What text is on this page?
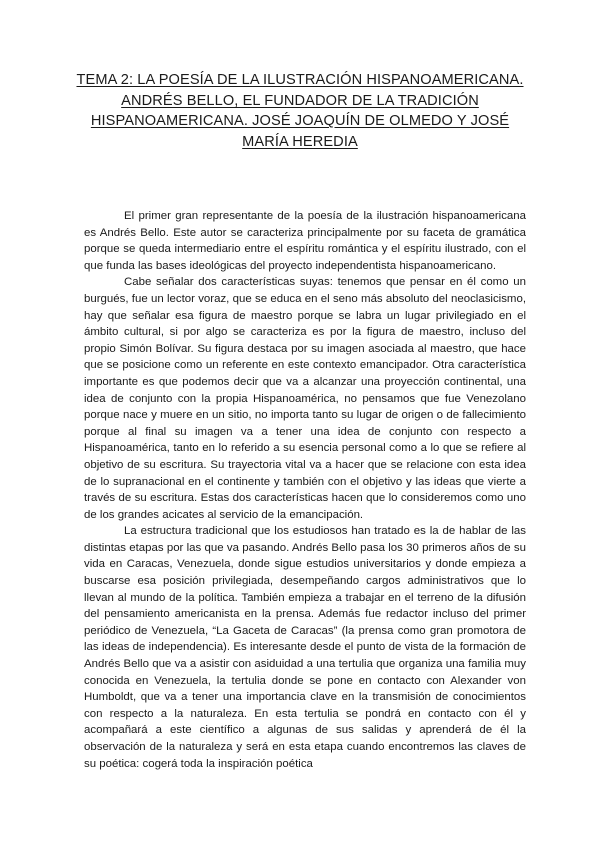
TEMA 2: LA POESÍA DE LA ILUSTRACIÓN HISPANOAMERICANA. ANDRÉS BELLO, EL FUNDADOR DE LA TRADICIÓN HISPANOAMERICANA. JOSÉ JOAQUÍN DE OLMEDO Y JOSÉ MARÍA HEREDIA

El primer gran representante de la poesía de la ilustración hispanoamericana es Andrés Bello. Este autor se caracteriza principalmente por su faceta de gramática porque se queda intermediario entre el espíritu romántica y el espíritu ilustrado, con el que funda las bases ideológicas del proyecto independentista hispanoamericano.

Cabe señalar dos características suyas: tenemos que pensar en él como un burgués, fue un lector voraz, que se educa en el seno más absoluto del neoclasicismo, hay que señalar esa figura de maestro porque se labra un lugar privilegiado en el ámbito cultural, si por algo se caracteriza es por la figura de maestro, incluso del propio Simón Bolívar. Su figura destaca por su imagen asociada al maestro, que hace que se posicione como un referente en este contexto emancipador. Otra característica importante es que podemos decir que va a alcanzar una proyección continental, una idea de conjunto con la propia Hispanoamérica, no pensamos que fue Venezolano porque nace y muere en un sitio, no importa tanto su lugar de origen o de fallecimiento porque al final su imagen va a tener una idea de conjunto con respecto a Hispanoamérica, tanto en lo referido a su esencia personal como a lo que se refiere al objetivo de su escritura. Su trayectoria vital va a hacer que se relacione con esta idea de lo supranacional en el continente y también con el objetivo y las ideas que vierte a través de su escritura. Estas dos características hacen que lo consideremos como uno de los grandes acicates al servicio de la emancipación.

La estructura tradicional que los estudiosos han tratado es la de hablar de las distintas etapas por las que va pasando. Andrés Bello pasa los 30 primeros años de su vida en Caracas, Venezuela, donde sigue estudios universitarios y donde empieza a buscarse esa posición privilegiada, desempeñando cargos administrativos que lo llevan al mundo de la política. También empieza a trabajar en el terreno de la difusión del pensamiento americanista en la prensa. Además fue redactor incluso del primer periódico de Venezuela, “La Gaceta de Caracas” (la prensa como gran promotora de las ideas de independencia). Es interesante desde el punto de vista de la formación de Andrés Bello que va a asistir con asiduidad a una tertulia que organiza una familia muy conocida en Venezuela, la tertulia donde se pone en contacto con Alexander von Humboldt, que va a tener una importancia clave en la transmisión de conocimientos con respecto a la naturaleza. En esta tertulia se pondrá en contacto con él y acompañará a este científico a algunas de sus salidas y aprenderá de él la observación de la naturaleza y será en esta etapa cuando encontremos las claves de su poética: cogerá toda la inspiración poética
